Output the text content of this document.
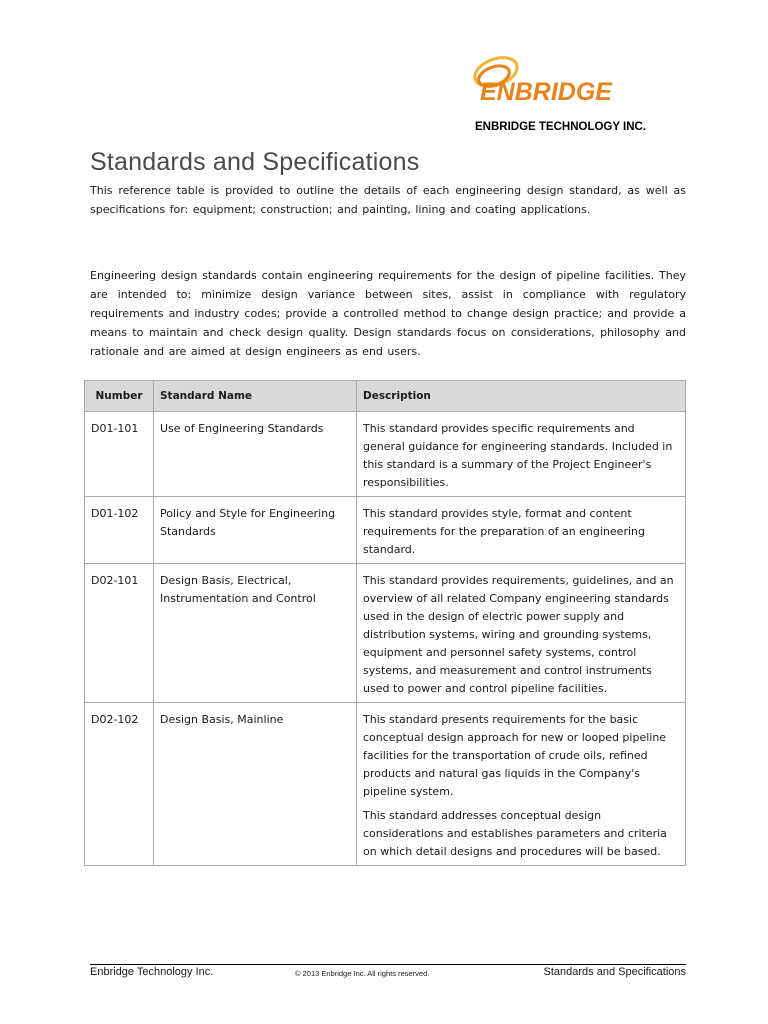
ENBRIDGE
ENBRIDGE TECHNOLOGY INC.
Standards and Specifications

This reference table is provided to outline the details of each engineering design standard, as well as specifications for: equipment; construction; and painting, lining and coating applications.

Engineering design standards contain engineering requirements for the design of pipeline facilities. They are intended to: minimize design variance between sites, assist in compliance with regulatory requirements and industry codes; provide a controlled method to change design practice; and provide a means to maintain and check design quality. Design standards focus on considerations, philosophy and rationale and are aimed at design engineers as end users.

Number	Standard Name	Description
D01-101	Use of Engineering Standards	This standard provides specific requirements and general guidance for engineering standards. Included in this standard is a summary of the Project Engineer's responsibilities.

D01-102	Policy and Style for Engineering Standards	This standard provides style, format and content requirements for the preparation of an engineering standard.

D02-101	Design Basis, Electrical, Instrumentation and Control	This standard provides requirements, guidelines, and an overview of all related Company engineering standards used in the design of electric power supply and distribution systems, wiring and grounding systems, equipment and personnel safety systems, control systems, and measurement and control instruments used to power and control pipeline facilities.

D02-102	Design Basis, Mainline	This standard presents requirements for the basic conceptual design approach for new or looped pipeline facilities for the transportation of crude oils, refined products and natural gas liquids in the Company's pipeline system.

This standard addresses conceptual design considerations and establishes parameters and criteria on which detail designs and procedures will be based.

Enbridge Technology Inc.	© 2013 Enbridge Inc. All rights reserved.	Standards and Specifications
